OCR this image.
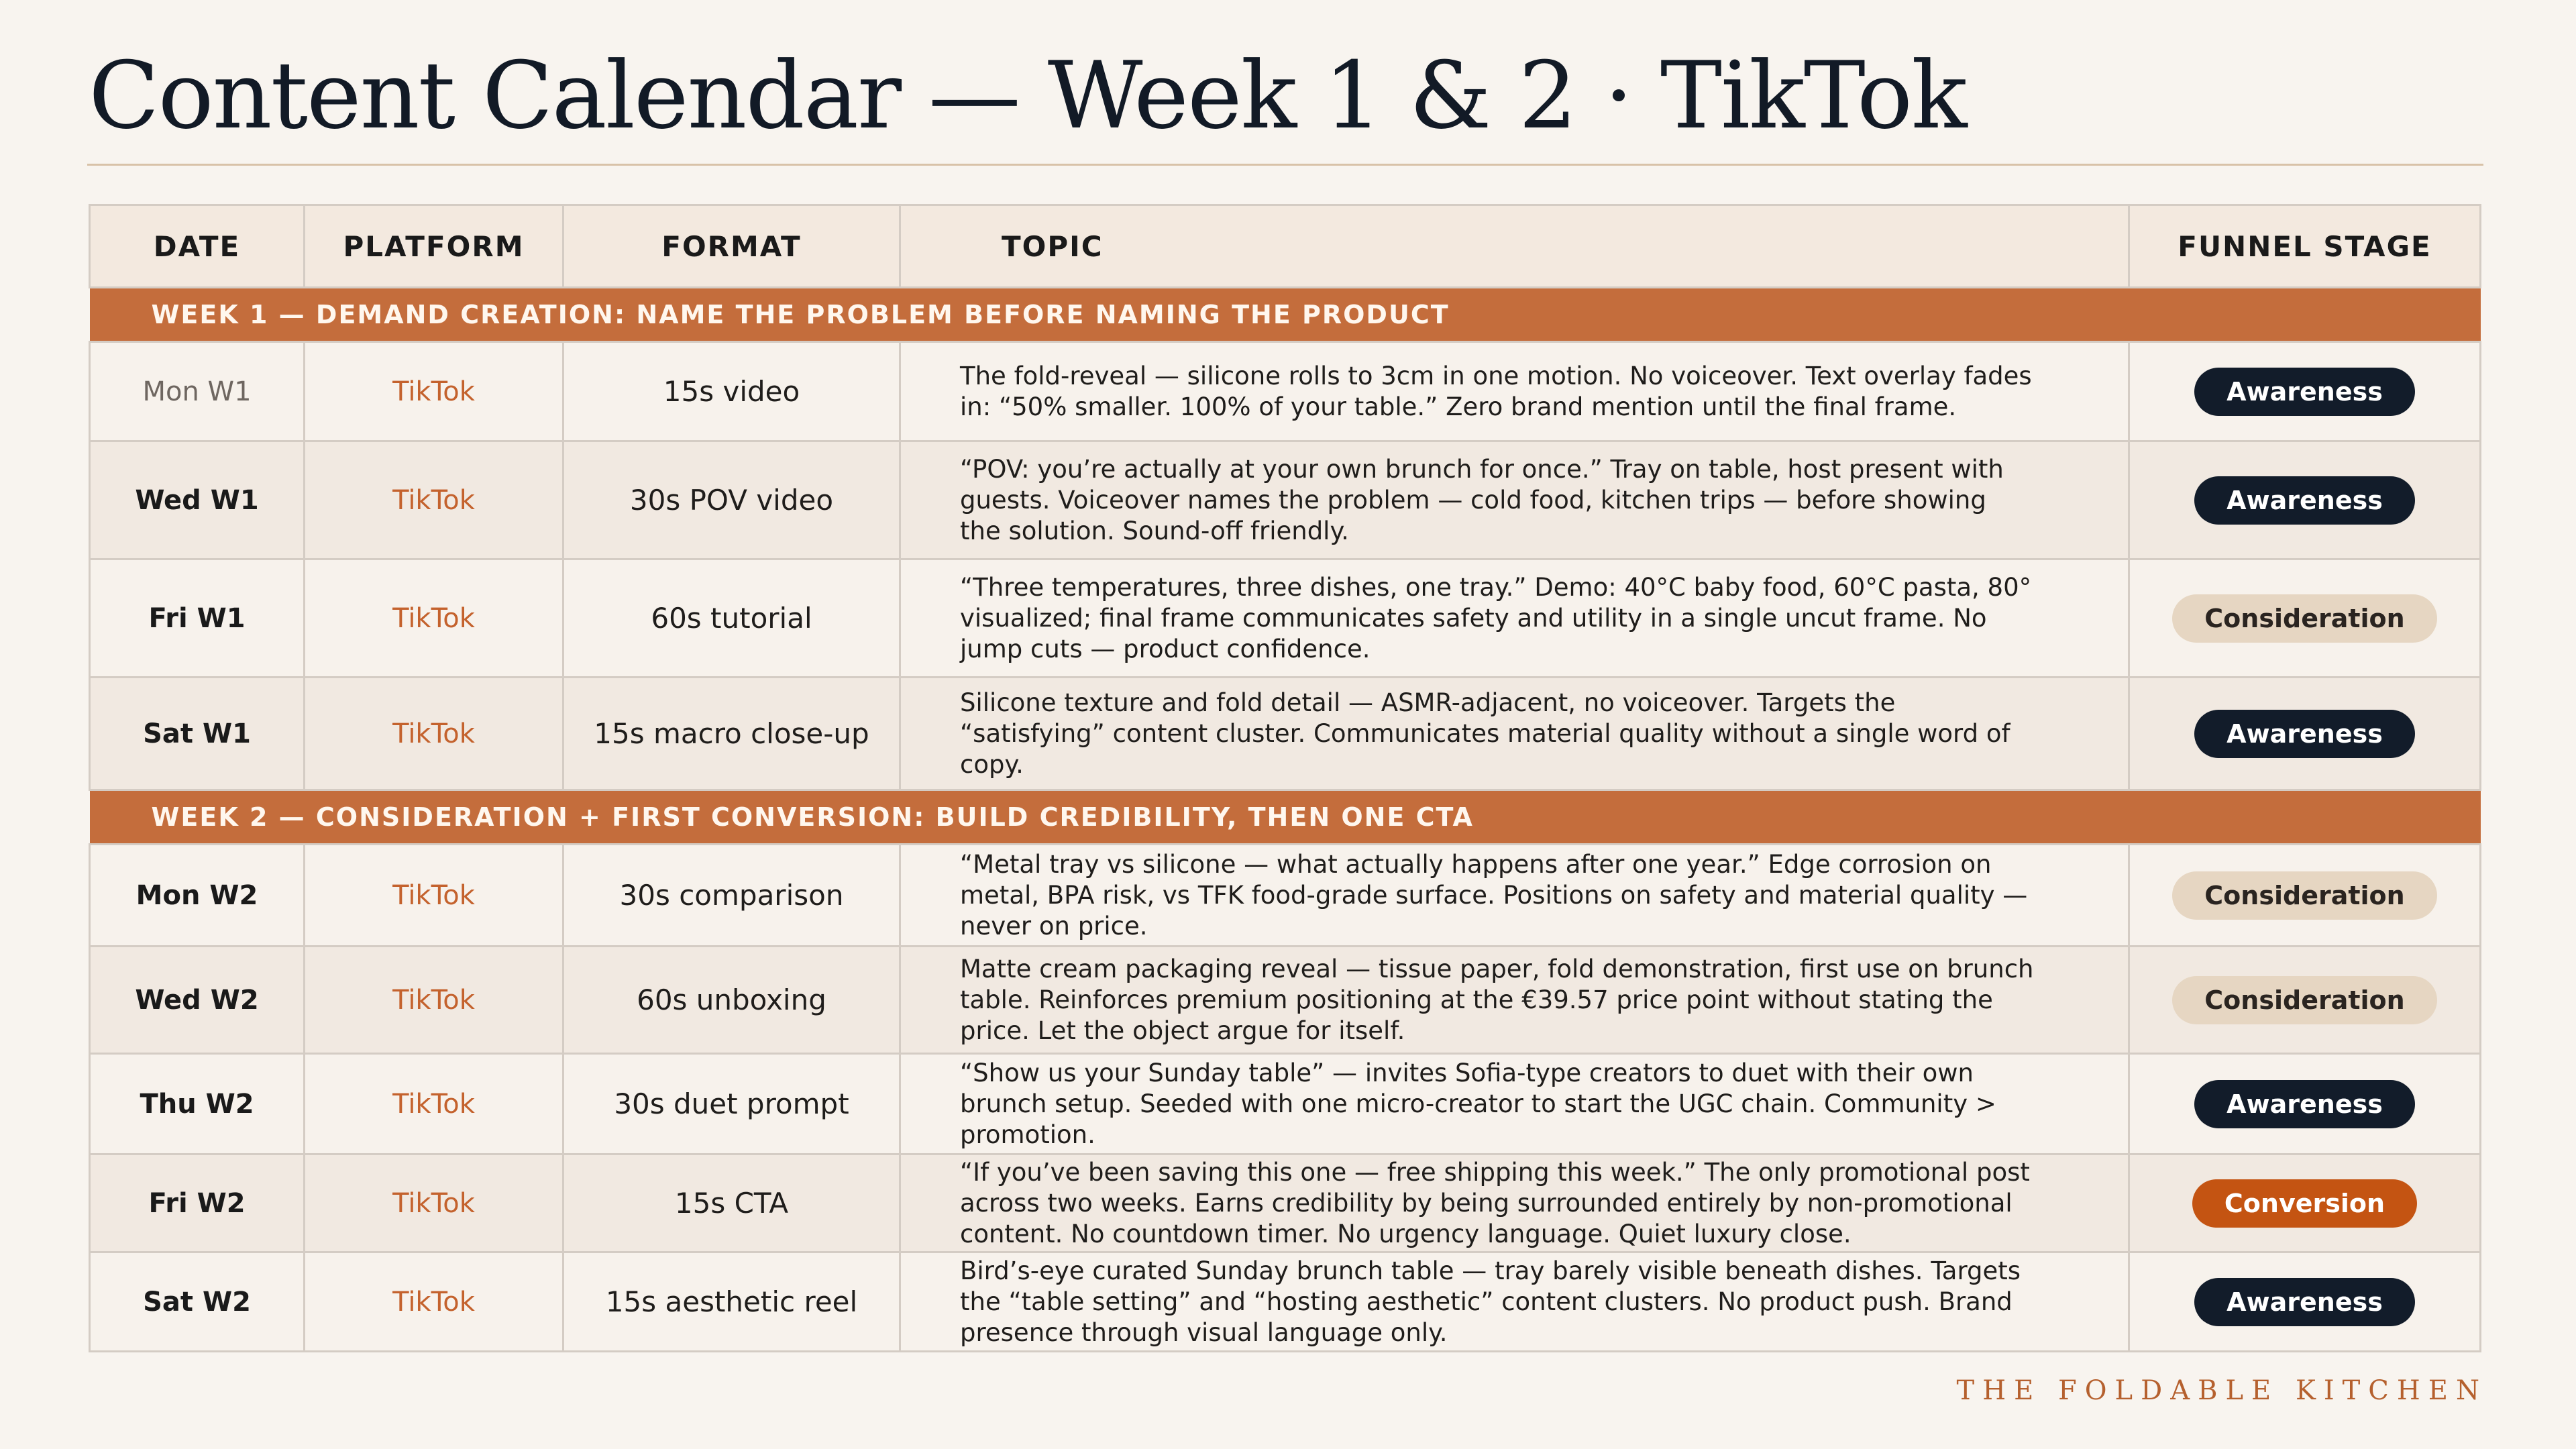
Content Calendar — Week 1 & 2 · TikTok
DATE	PLATFORM	FORMAT	TOPIC	FUNNEL STAGE
WEEK 1 — DEMAND CREATION: NAME THE PROBLEM BEFORE NAMING THE PRODUCT				
Mon W1	TikTok	15s video	The fold-reveal — silicone rolls to 3cm in one motion. No voiceover. Text overlay fades in: “50% smaller. 100% of your table.” Zero brand mention until the final frame.	Awareness
Wed W1	TikTok	30s POV video	“POV: you’re actually at your own brunch for once.” Tray on table, host present with guests. Voiceover names the problem — cold food, kitchen trips — before showing the solution. Sound-off friendly.	Awareness
Fri W1	TikTok	60s tutorial	“Three temperatures, three dishes, one tray.” Demo: 40°C baby food, 60°C pasta, 80° visualized; final frame communicates safety and utility in a single uncut frame. No jump cuts — product confidence.	Consideration
Sat W1	TikTok	15s macro close-up	Silicone texture and fold detail — ASMR-adjacent, no voiceover. Targets the “satisfying” content cluster. Communicates material quality without a single word of copy.	Awareness
WEEK 2 — CONSIDERATION + FIRST CONVERSION: BUILD CREDIBILITY, THEN ONE CTA				
Mon W2	TikTok	30s comparison	“Metal tray vs silicone — what actually happens after one year.” Edge corrosion on metal, BPA risk, vs TFK food-grade surface. Positions on safety and material quality — never on price.	Consideration
Wed W2	TikTok	60s unboxing	Matte cream packaging reveal — tissue paper, fold demonstration, first use on brunch table. Reinforces premium positioning at the €39.57 price point without stating the price. Let the object argue for itself.	Consideration
Thu W2	TikTok	30s duet prompt	“Show us your Sunday table” — invites Sofia-type creators to duet with their own brunch setup. Seeded with one micro-creator to start the UGC chain. Community > promotion.	Awareness
Fri W2	TikTok	15s CTA	“If you’ve been saving this one — free shipping this week.” The only promotional post across two weeks. Earns credibility by being surrounded entirely by non-promotional content. No countdown timer. No urgency language. Quiet luxury close.	Conversion
Sat W2	TikTok	15s aesthetic reel	Bird’s-eye curated Sunday brunch table — tray barely visible beneath dishes. Targets the “table setting” and “hosting aesthetic” content clusters. No product push. Brand presence through visual language only.	Awareness
THE FOLDABLE KITCHEN
